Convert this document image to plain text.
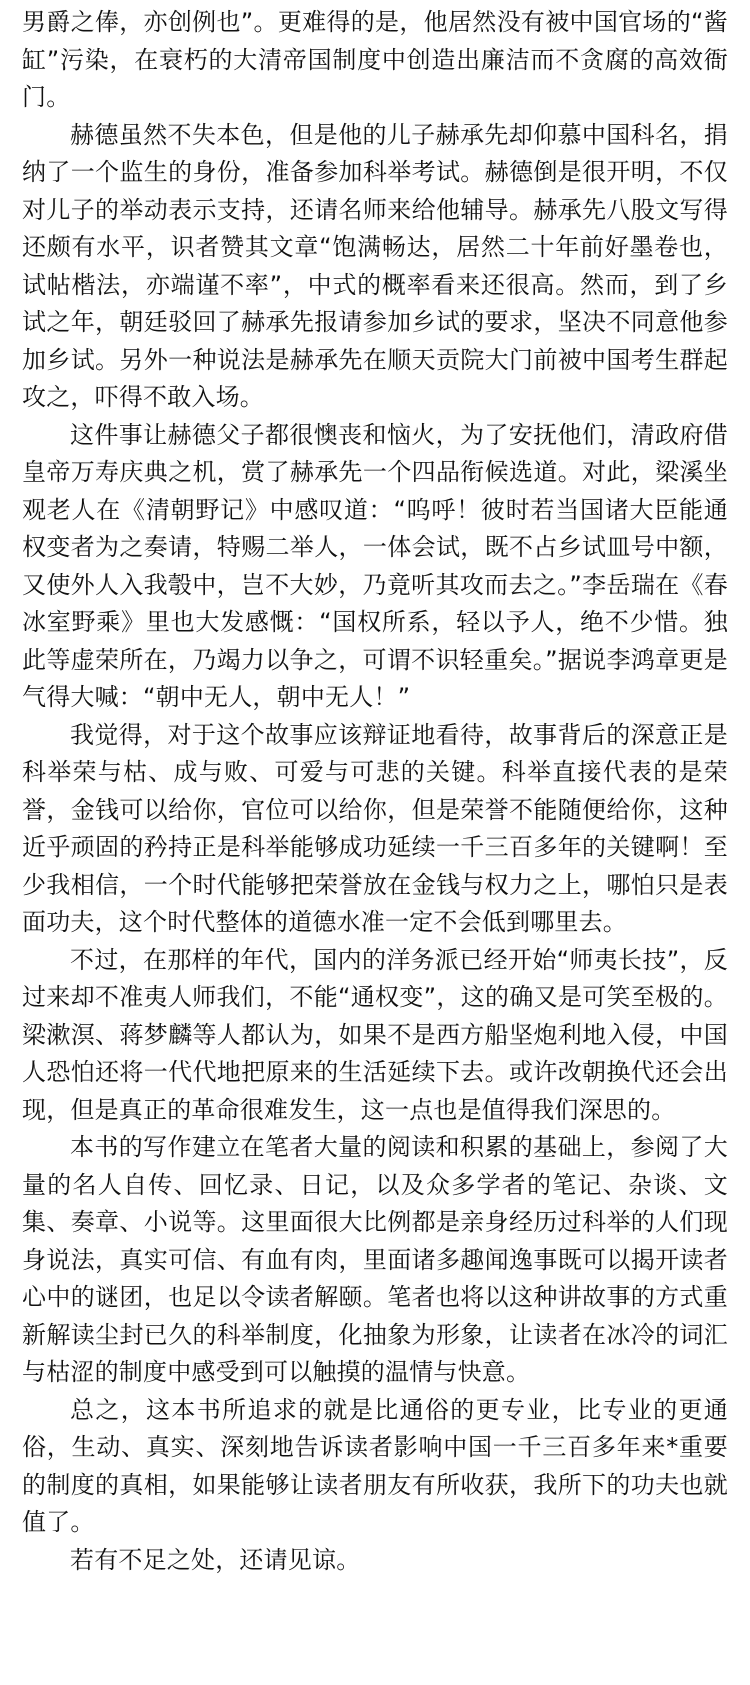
男爵之俸，亦创例也”。更难得的是，他居然没有被中国官场的“酱缸”污染，在衰朽的大清帝国制度中创造出廉洁而不贪腐的高效衙门。

赫德虽然不失本色，但是他的儿子赫承先却仰慕中国科名，捐纳了一个监生的身份，准备参加科举考试。赫德倒是很开明，不仅对儿子的举动表示支持，还请名师来给他辅导。赫承先八股文写得还颇有水平，识者赞其文章“饱满畅达，居然二十年前好墨卷也，试帖楷法，亦端谨不率”，中式的概率看来还很高。然而，到了乡试之年，朝廷驳回了赫承先报请参加乡试的要求，坚决不同意他参加乡试。另外一种说法是赫承先在顺天贡院大门前被中国考生群起攻之，吓得不敢入场。

这件事让赫德父子都很懊丧和恼火，为了安抚他们，清政府借皇帝万寿庆典之机，赏了赫承先一个四品衔候选道。对此，梁溪坐观老人在《清朝野记》中感叹道：“呜呼！彼时若当国诸大臣能通权变者为之奏请，特赐二举人，一体会试，既不占乡试皿号中额，又使外人入我彀中，岂不大妙，乃竟听其攻而去之。”李岳瑞在《春冰室野乘》里也大发感慨：“国权所系，轻以予人，绝不少惜。独此等虚荣所在，乃竭力以争之，可谓不识轻重矣。”据说李鸿章更是气得大喊：“朝中无人，朝中无人！”

我觉得，对于这个故事应该辩证地看待，故事背后的深意正是科举荣与枯、成与败、可爱与可悲的关键。科举直接代表的是荣誉，金钱可以给你，官位可以给你，但是荣誉不能随便给你，这种近乎顽固的矜持正是科举能够成功延续一千三百多年的关键啊！至少我相信，一个时代能够把荣誉放在金钱与权力之上，哪怕只是表面功夫，这个时代整体的道德水准一定不会低到哪里去。

不过，在那样的年代，国内的洋务派已经开始“师夷长技”，反过来却不准夷人师我们，不能“通权变”，这的确又是可笑至极的。梁漱溟、蒋梦麟等人都认为，如果不是西方船坚炮利地入侵，中国人恐怕还将一代代地把原来的生活延续下去。或许改朝换代还会出现，但是真正的革命很难发生，这一点也是值得我们深思的。

本书的写作建立在笔者大量的阅读和积累的基础上，参阅了大量的名人自传、回忆录、日记，以及众多学者的笔记、杂谈、文集、奏章、小说等。这里面很大比例都是亲身经历过科举的人们现身说法，真实可信、有血有肉，里面诸多趣闻逸事既可以揭开读者心中的谜团，也足以令读者解颐。笔者也将以这种讲故事的方式重新解读尘封已久的科举制度，化抽象为形象，让读者在冰冷的词汇与枯涩的制度中感受到可以触摸的温情与快意。

总之，这本书所追求的就是比通俗的更专业，比专业的更通俗，生动、真实、深刻地告诉读者影响中国一千三百多年来*重要的制度的真相，如果能够让读者朋友有所收获，我所下的功夫也就值了。

若有不足之处，还请见谅。
